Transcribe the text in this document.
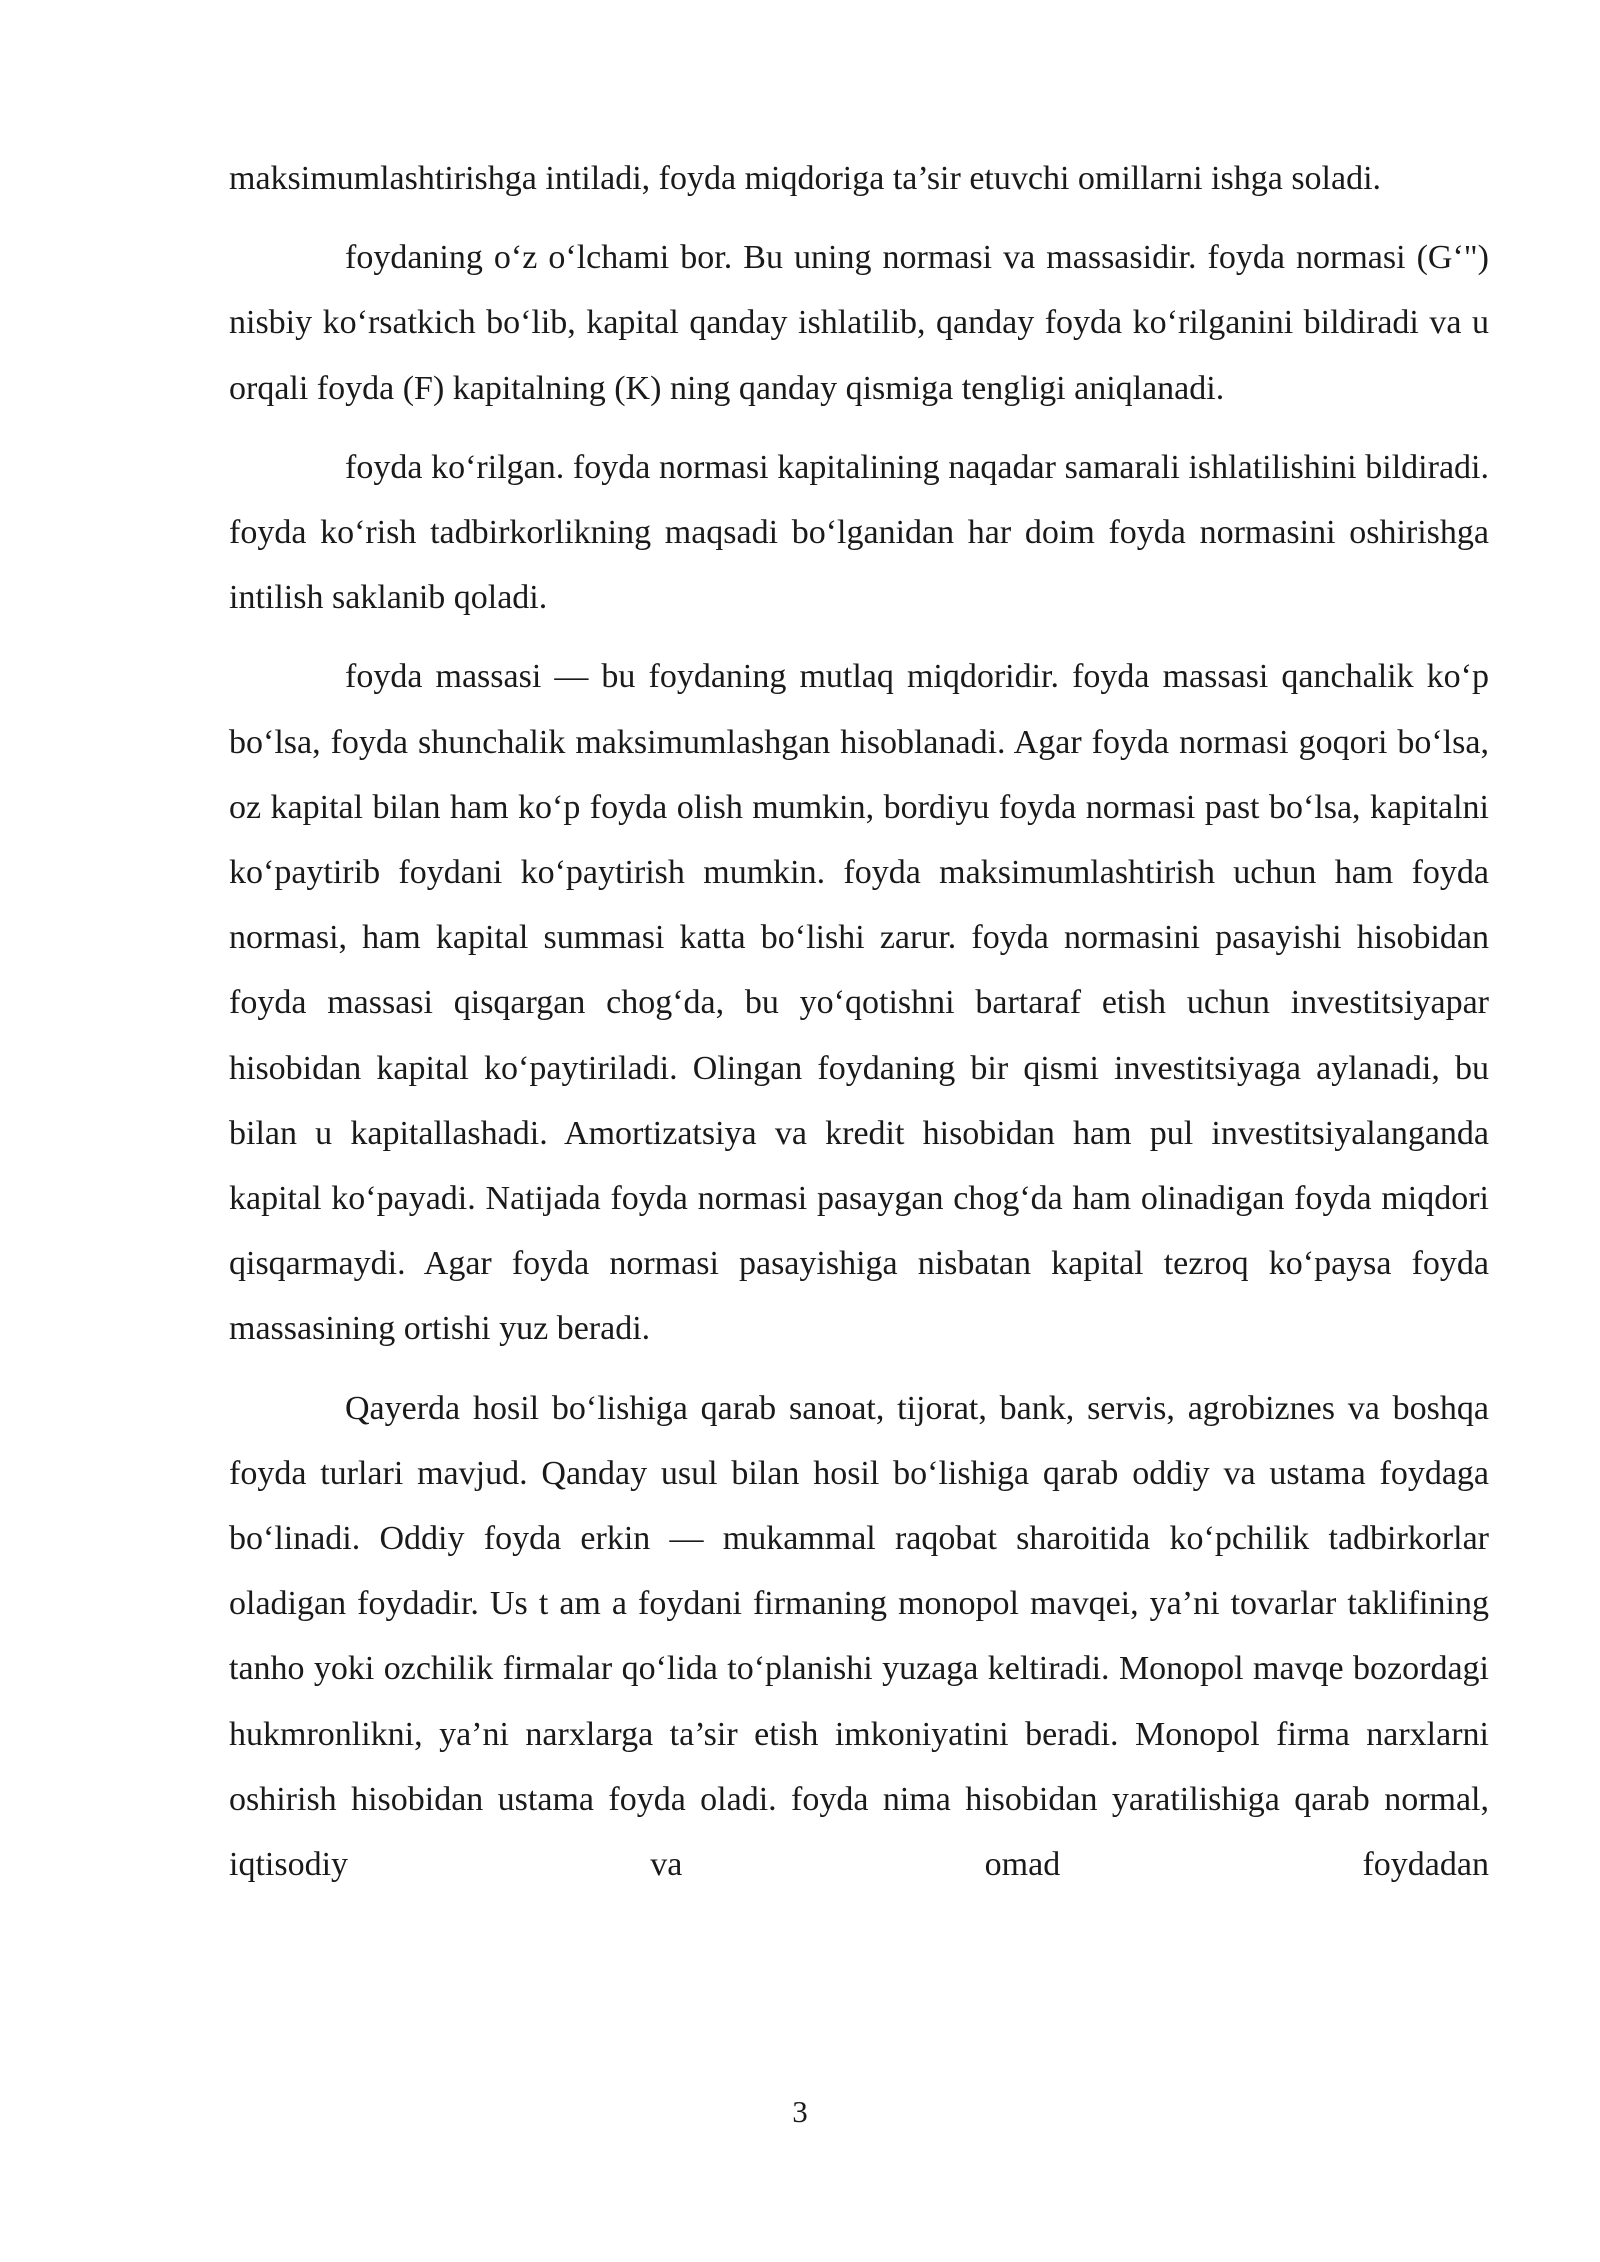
maksimumlashtirishga intiladi, foyda miqdoriga ta’sir etuvchi omillarni ishga soladi.

foydaning o‘z o‘lchami bor. Bu uning normasi va massasidir. foyda normasi (G‘") nisbiy ko‘rsatkich bo‘lib, kapital qanday ishlatilib, qanday foyda ko‘rilganini bildiradi va u orqali foyda (F) kapitalning (K) ning qanday qismiga tengligi aniqlanadi.

foyda ko‘rilgan. foyda normasi kapitalining naqadar samarali ishlatilishini bildiradi. foyda ko‘rish tadbirkorlikning maqsadi bo‘lganidan har doim foyda normasini oshirishga intilish saklanib qoladi.

foyda massasi — bu foydaning mutlaq miqdoridir. foyda massasi qanchalik ko‘p bo‘lsa, foyda shunchalik maksimumlashgan hisoblanadi. Agar foyda normasi goqori bo‘lsa, oz kapital bilan ham ko‘p foyda olish mumkin, bordiyu foyda normasi past bo‘lsa, kapitalni ko‘paytirib foydani ko‘paytirish mumkin. foyda maksimumlashtirish uchun ham foyda normasi, ham kapital summasi katta bo‘lishi zarur. foyda normasini pasayishi hisobidan foyda massasi qisqargan chog‘da, bu yo‘qotishni bartaraf etish uchun investitsiyapar hisobidan kapital ko‘paytiriladi. Olingan foydaning bir qismi investitsiyaga aylanadi, bu bilan u kapitallashadi. Amortizatsiya va kredit hisobidan ham pul investitsiyalanganda kapital ko‘payadi. Natijada foyda normasi pasaygan chog‘da ham olinadigan foyda miqdori qisqarmaydi. Agar foyda normasi pasayishiga nisbatan kapital tezroq ko‘paysa foyda massasining ortishi yuz beradi.

Qayerda hosil bo‘lishiga qarab sanoat, tijorat, bank, servis, agrobiznes va boshqa foyda turlari mavjud. Qanday usul bilan hosil bo‘lishiga qarab oddiy va ustama foydaga bo‘linadi. Oddiy foyda erkin — mukammal raqobat sharoitida ko‘pchilik tadbirkorlar oladigan foydadir. Us t am a foydani firmaning monopol mavqei, ya’ni tovarlar taklifining tanho yoki ozchilik firmalar qo‘lida to‘planishi yuzaga keltiradi. Monopol mavqe bozordagi hukmronlikni, ya’ni narxlarga ta’sir etish imkoniyatini beradi. Monopol firma narxlarni oshirish hisobidan ustama foyda oladi. foyda nima hisobidan yaratilishiga qarab normal, iqtisodiy va omad foydadan

3
